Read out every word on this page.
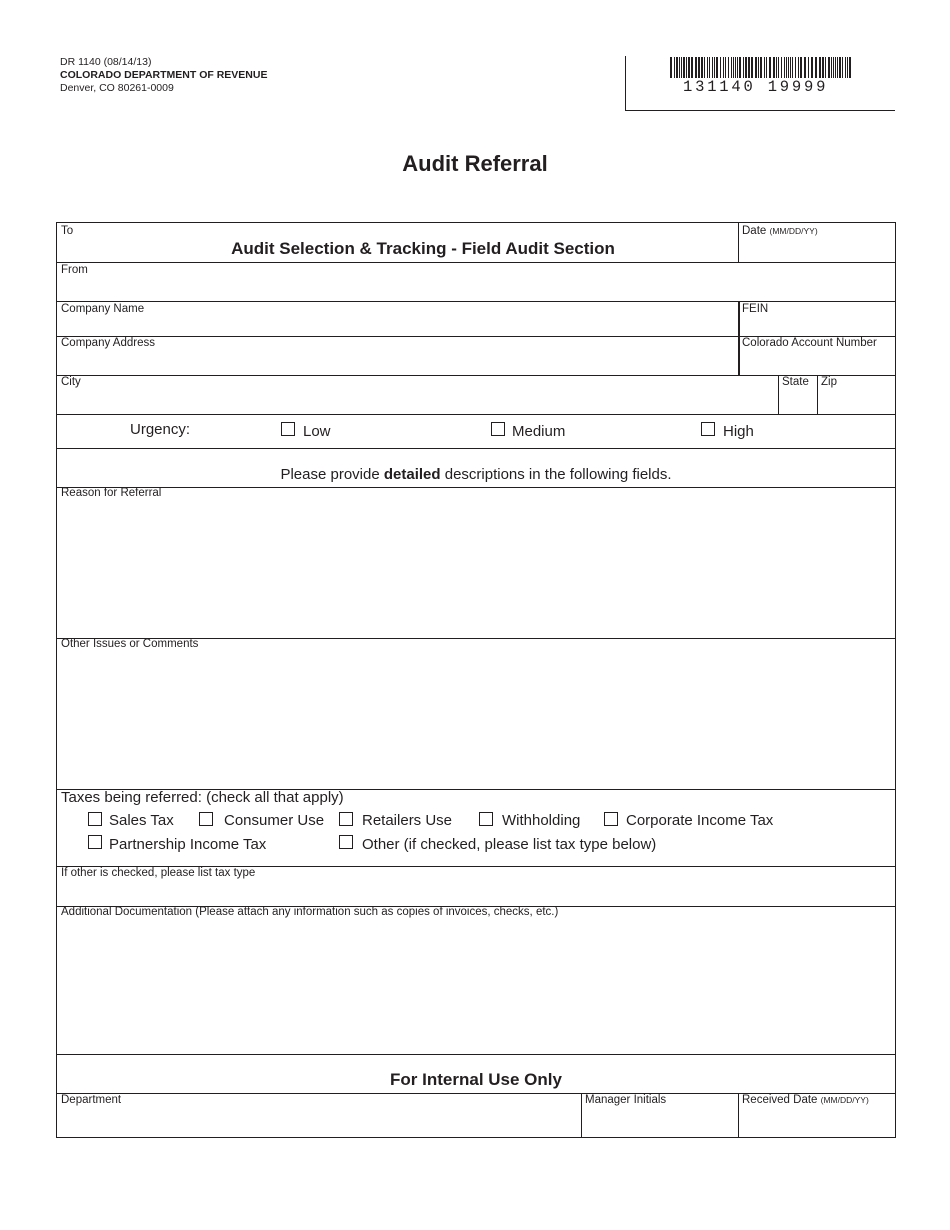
DR 1140 (08/14/13)
COLORADO DEPARTMENT OF REVENUE
Denver, CO 80261-0009	131140 19999
Audit Referral
To
Audit Selection & Tracking - Field Audit Section
Date (MM/DD/YY)
From
Company Name	FEIN
Company Address	Colorado Account Number
City	State Zip
Urgency:	Low	Medium	High
Please provide detailed descriptions in the following fields.
Reason for Referral
Other Issues or Comments
Taxes being referred: (check all that apply)
Sales Tax	Consumer Use	Retailers Use	Withholding	Corporate Income Tax
Partnership Income Tax	Other (if checked, please list tax type below)
If other is checked, please list tax type
Additional Documentation (Please attach any information such as copies of invoices, checks, etc.)
For Internal Use Only
Department	Manager Initials	Received Date (MM/DD/YY)
